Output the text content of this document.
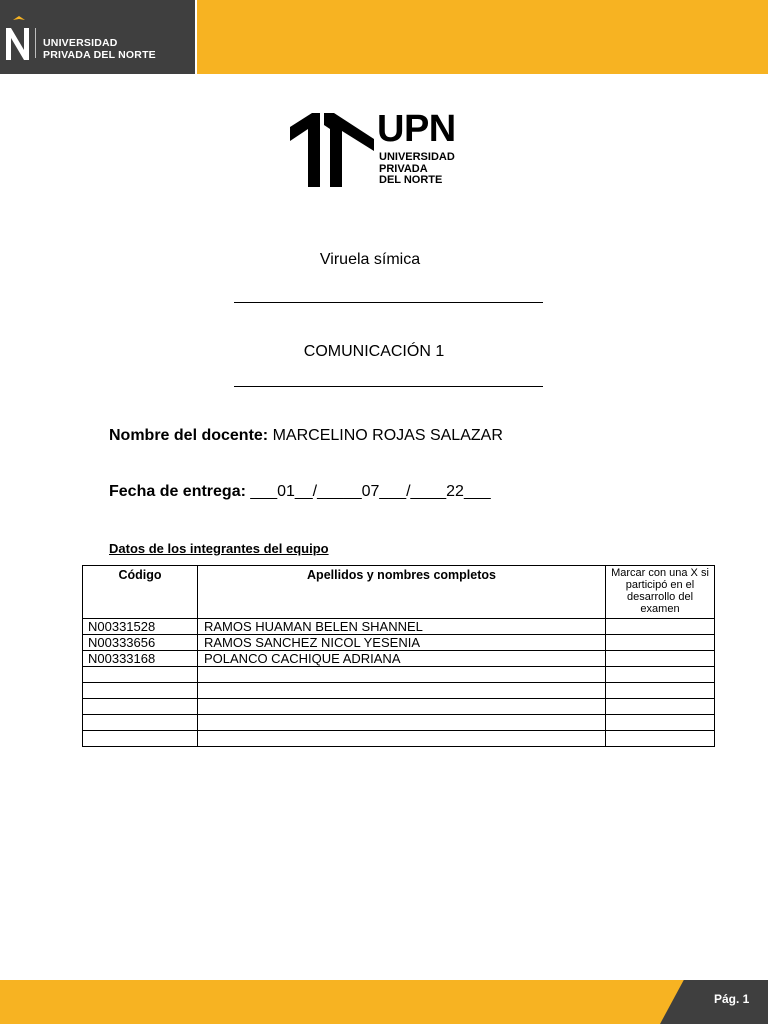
UNIVERSIDAD
PRIVADA DEL NORTE
UPN
UNIVERSIDAD
PRIVADA
DEL NORTE
Viruela símica
COMUNICACIÓN 1
Nombre del docente: MARCELINO ROJAS SALAZAR
Fecha de entrega: ___01__/_____07___/____22___
Datos de los integrantes del equipo
Código	Apellidos y nombres completos	Marcar con una X si participó en el desarrollo del examen
N00331528	RAMOS HUAMAN BELEN SHANNEL	
N00333656	RAMOS SANCHEZ NICOL YESENIA	
N00333168	POLANCO CACHIQUE ADRIANA	

Pág. 1
